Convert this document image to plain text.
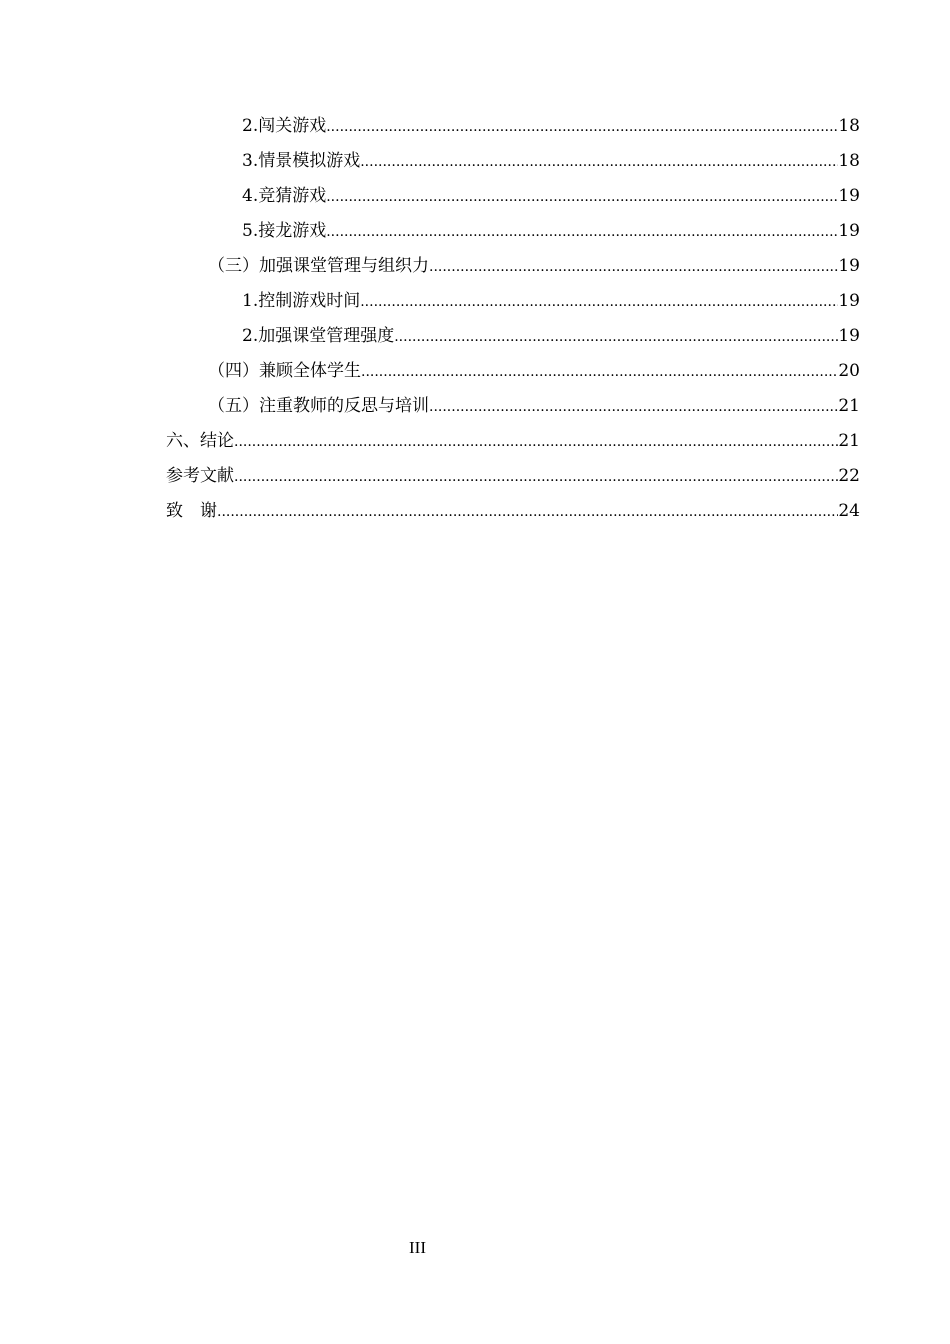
2.闯关游戏 .....	18
3.情景模拟游戏 .....	18
4.竞猜游戏 .....	19
5.接龙游戏 .....	19
（三）加强课堂管理与组织力 .....	19
1.控制游戏时间 .....	19
2.加强课堂管理强度 .....	19
（四）兼顾全体学生 .....	20
（五）注重教师的反思与培训 .....	21
六、结论 .....	21
参考文献 .....	22
致　谢 .....	24
III
